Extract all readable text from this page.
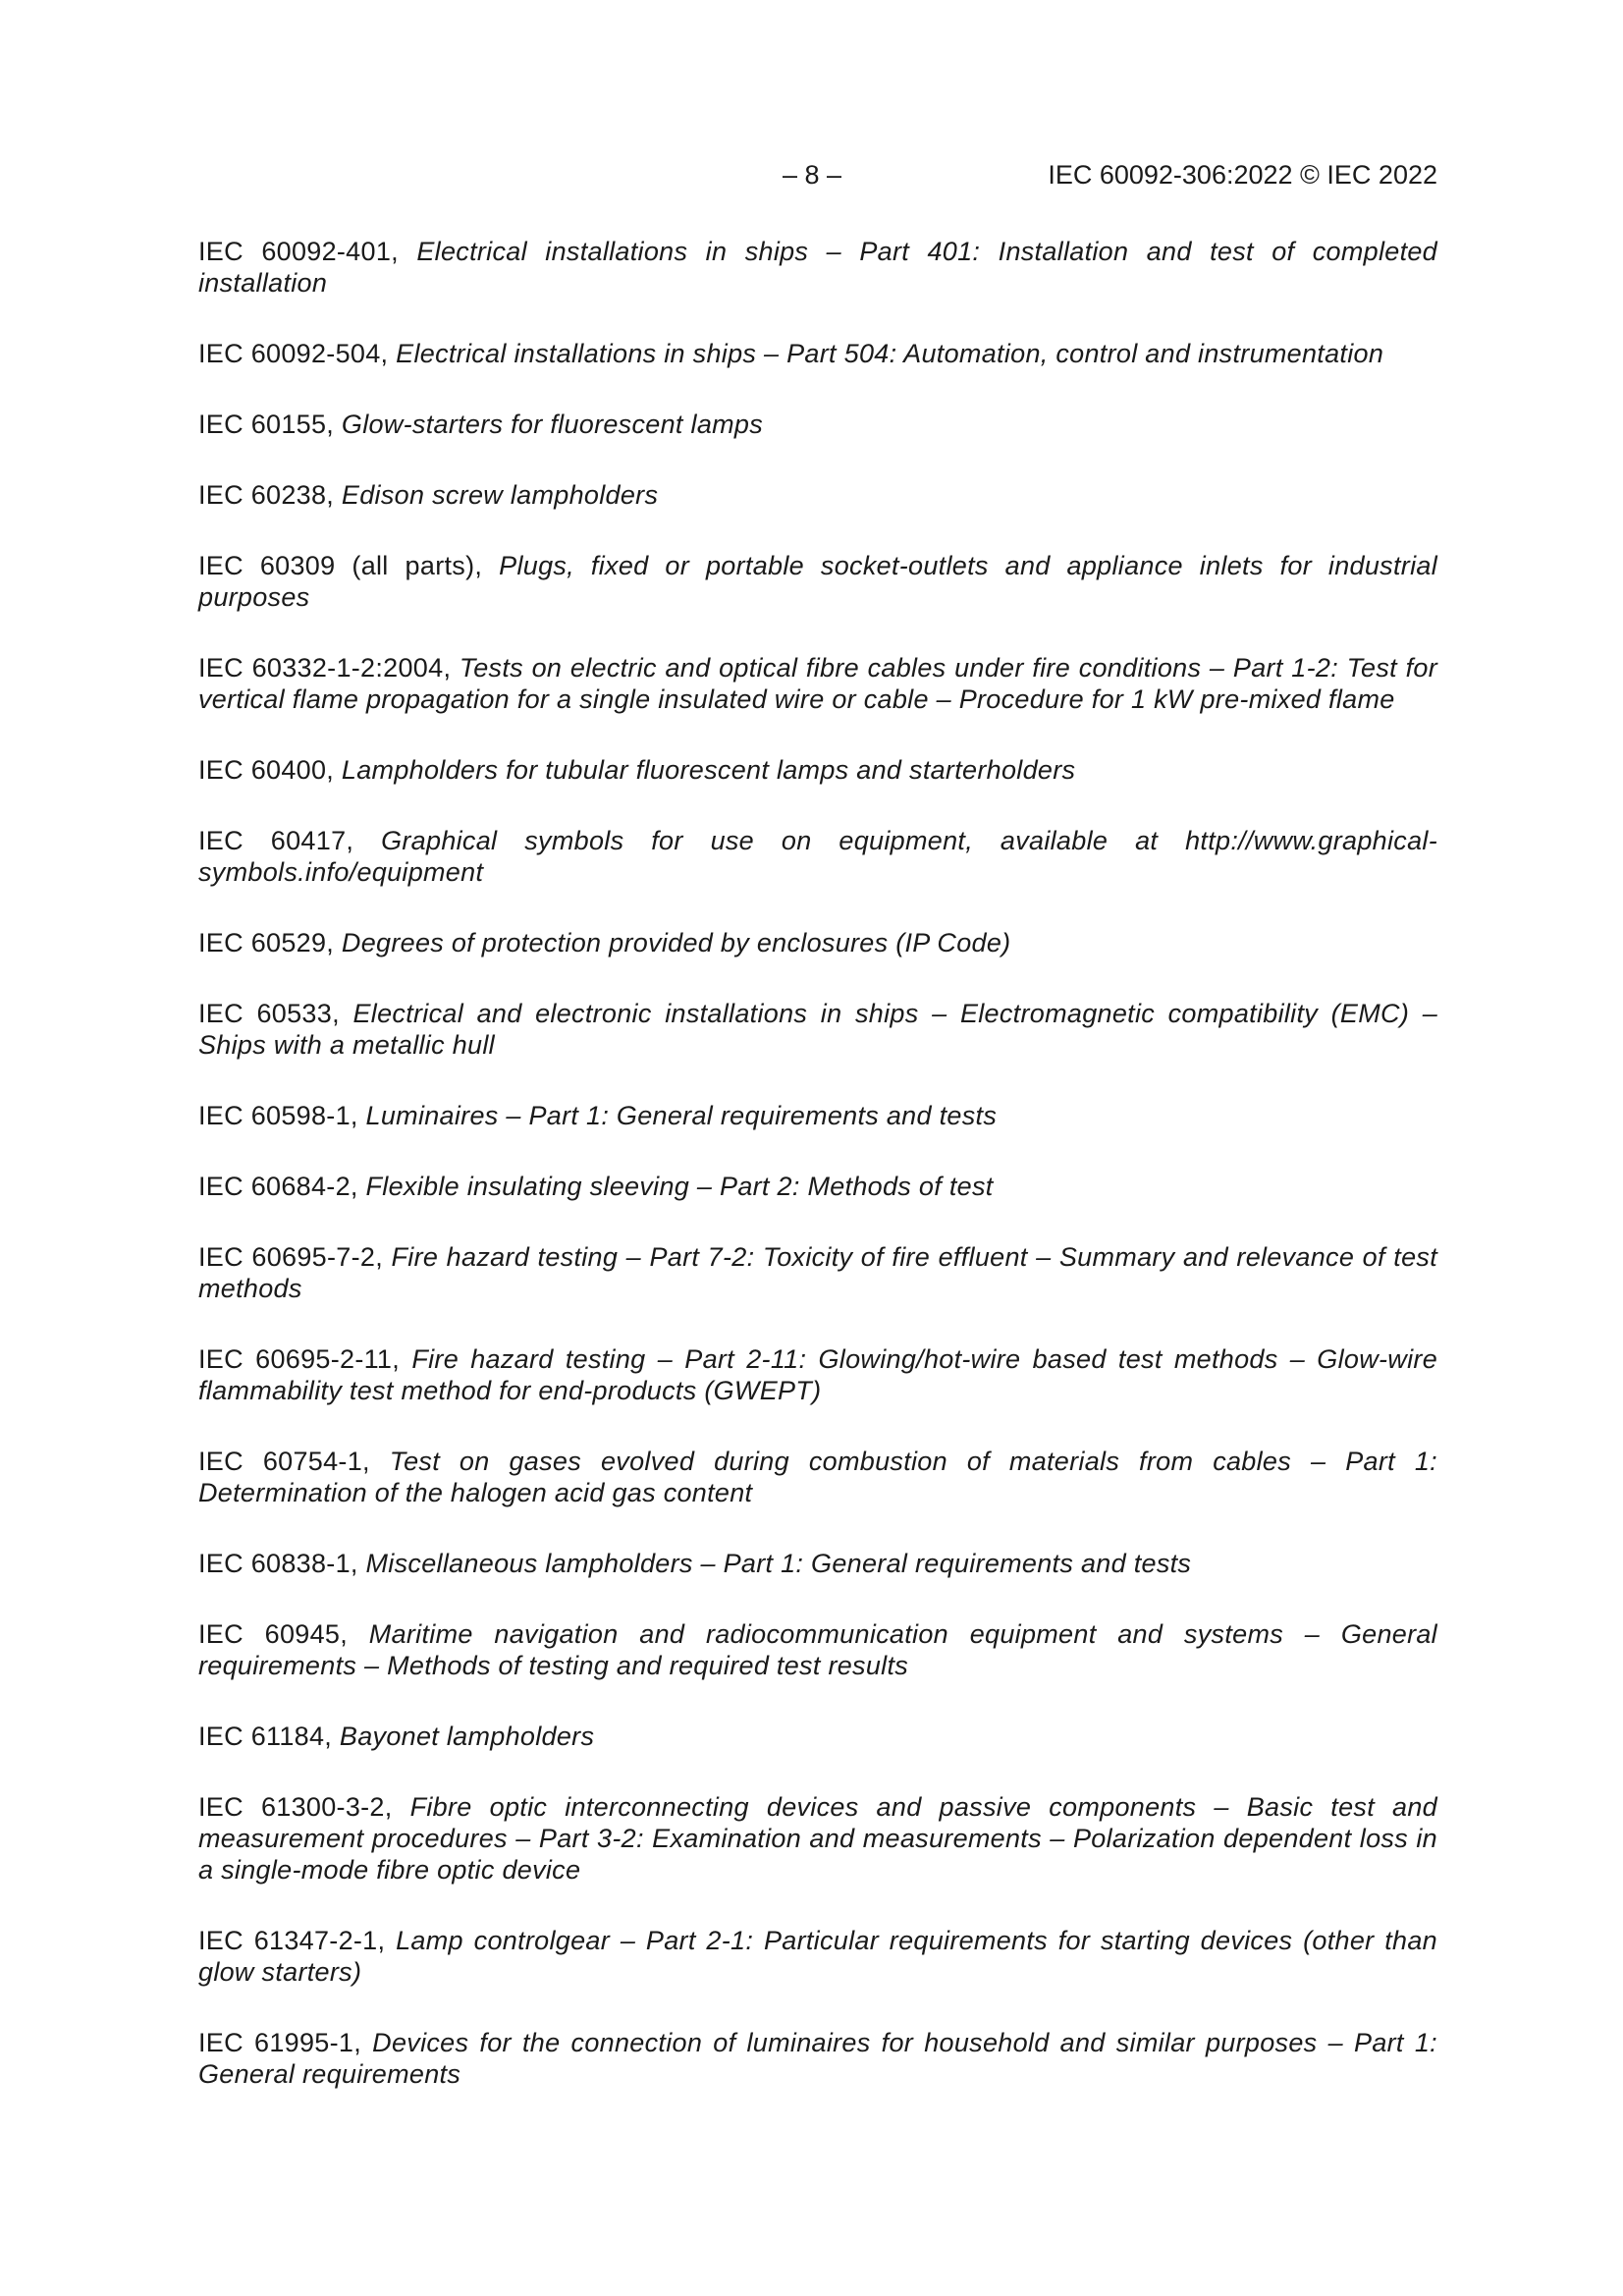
– 8 –	IEC 60092-306:2022 © IEC 2022

IEC 60092-401, Electrical installations in ships – Part 401: Installation and test of completed installation

IEC 60092-504, Electrical installations in ships – Part 504: Automation, control and instrumentation

IEC 60155, Glow-starters for fluorescent lamps

IEC 60238, Edison screw lampholders

IEC 60309 (all parts), Plugs, fixed or portable socket-outlets and appliance inlets for industrial purposes

IEC 60332-1-2:2004, Tests on electric and optical fibre cables under fire conditions – Part 1-2: Test for vertical flame propagation for a single insulated wire or cable – Procedure for 1 kW pre-mixed flame

IEC 60400, Lampholders for tubular fluorescent lamps and starterholders

IEC 60417, Graphical symbols for use on equipment, available at http://www.graphical-symbols.info/equipment

IEC 60529, Degrees of protection provided by enclosures (IP Code)

IEC 60533, Electrical and electronic installations in ships – Electromagnetic compatibility (EMC) – Ships with a metallic hull

IEC 60598-1, Luminaires – Part 1: General requirements and tests

IEC 60684-2, Flexible insulating sleeving – Part 2: Methods of test

IEC 60695-7-2, Fire hazard testing – Part 7-2: Toxicity of fire effluent – Summary and relevance of test methods

IEC 60695-2-11, Fire hazard testing – Part 2-11: Glowing/hot-wire based test methods – Glow-wire flammability test method for end-products (GWEPT)

IEC 60754-1, Test on gases evolved during combustion of materials from cables – Part 1: Determination of the halogen acid gas content

IEC 60838-1, Miscellaneous lampholders – Part 1: General requirements and tests

IEC 60945, Maritime navigation and radiocommunication equipment and systems – General requirements – Methods of testing and required test results

IEC 61184, Bayonet lampholders

IEC 61300-3-2, Fibre optic interconnecting devices and passive components – Basic test and measurement procedures – Part 3-2: Examination and measurements – Polarization dependent loss in a single-mode fibre optic device

IEC 61347-2-1, Lamp controlgear – Part 2-1: Particular requirements for starting devices (other than glow starters)

IEC 61995-1, Devices for the connection of luminaires for household and similar purposes – Part 1: General requirements
